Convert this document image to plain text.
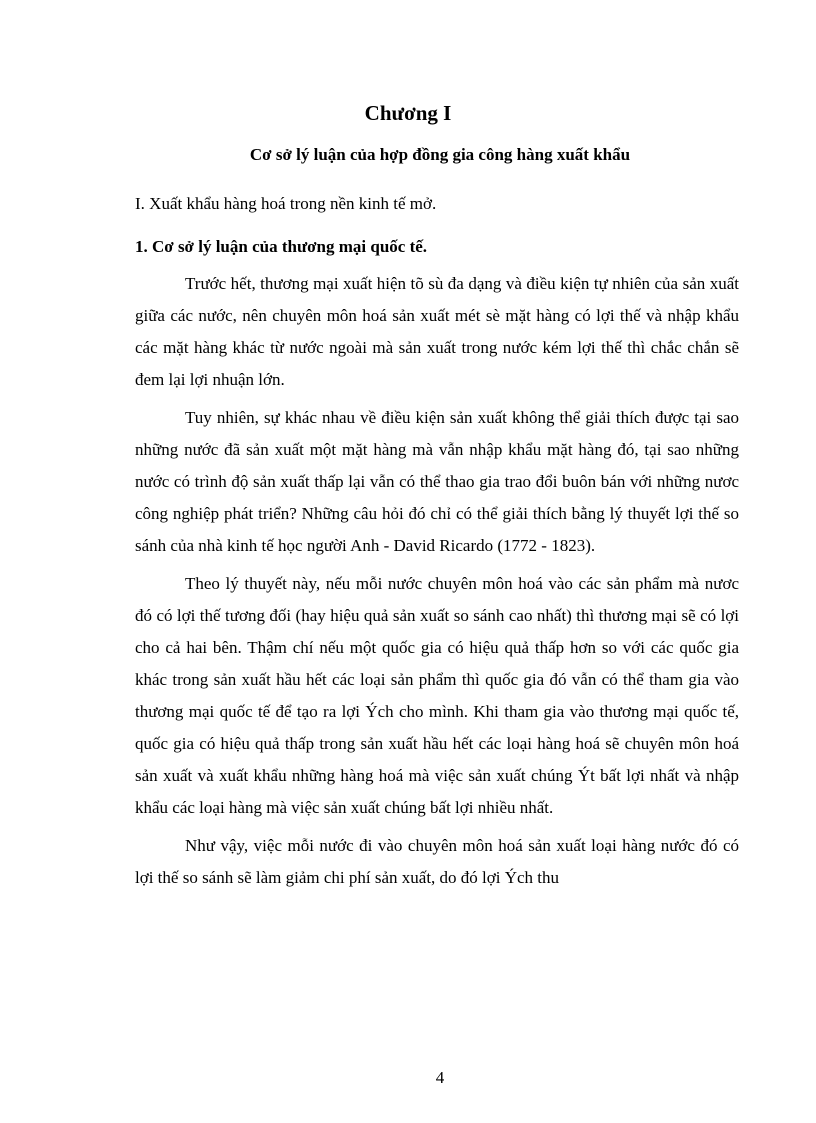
Chương I
Cơ sở lý luận của hợp đồng gia công hàng xuất khẩu

I. Xuất khẩu hàng hoá trong nền kinh tế mở.

1. Cơ sở lý luận của thương mại quốc tế.

Trước hết, thương mại xuất hiện tõ sù đa dạng và điều kiện tự nhiên của sản xuất giữa các nước, nên chuyên môn hoá sản xuất mét sè mặt hàng có lợi thế và nhập khẩu các mặt hàng khác từ nước ngoài mà sản xuất trong nước kém lợi thế thì chắc chắn sẽ đem lại lợi nhuận lớn.

Tuy nhiên, sự khác nhau về điều kiện sản xuất không thể giải thích được tại sao những nước đã sản xuất một mặt hàng mà vẫn nhập khẩu mặt hàng đó, tại sao những nước có trình độ sản xuất thấp lại vẫn có thể thao gia trao đổi buôn bán với những nươc công nghiệp phát triển? Những câu hỏi đó chỉ có thể giải thích bằng lý thuyết lợi thế so sánh của nhà kinh tế học người Anh - David Ricardo (1772 - 1823).

Theo lý thuyết này, nếu mỗi nước chuyên môn hoá vào các sản phẩm mà nươc đó có lợi thế tương đối (hay hiệu quả sản xuất so sánh cao nhất) thì thương mại sẽ có lợi cho cả hai bên. Thậm chí nếu một quốc gia có hiệu quả thấp hơn so với các quốc gia khác trong sản xuất hầu hết các loại sản phẩm thì quốc gia đó vẫn có thể tham gia vào thương mại quốc tế để tạo ra lợi Ých cho mình. Khi tham gia vào thương mại quốc tế, quốc gia có hiệu quả thấp trong sản xuất hầu hết các loại hàng hoá sẽ chuyên môn hoá sản xuất và xuất khẩu những hàng hoá mà việc sản xuất chúng Ýt bất lợi nhất và nhập khẩu các loại hàng mà việc sản xuất chúng bất lợi nhiều nhất.

Như vậy, việc mỗi nước đi vào chuyên môn hoá sản xuất loại hàng nước đó có lợi thế so sánh sẽ làm giảm chi phí sản xuất, do đó lợi Ých thu

4
